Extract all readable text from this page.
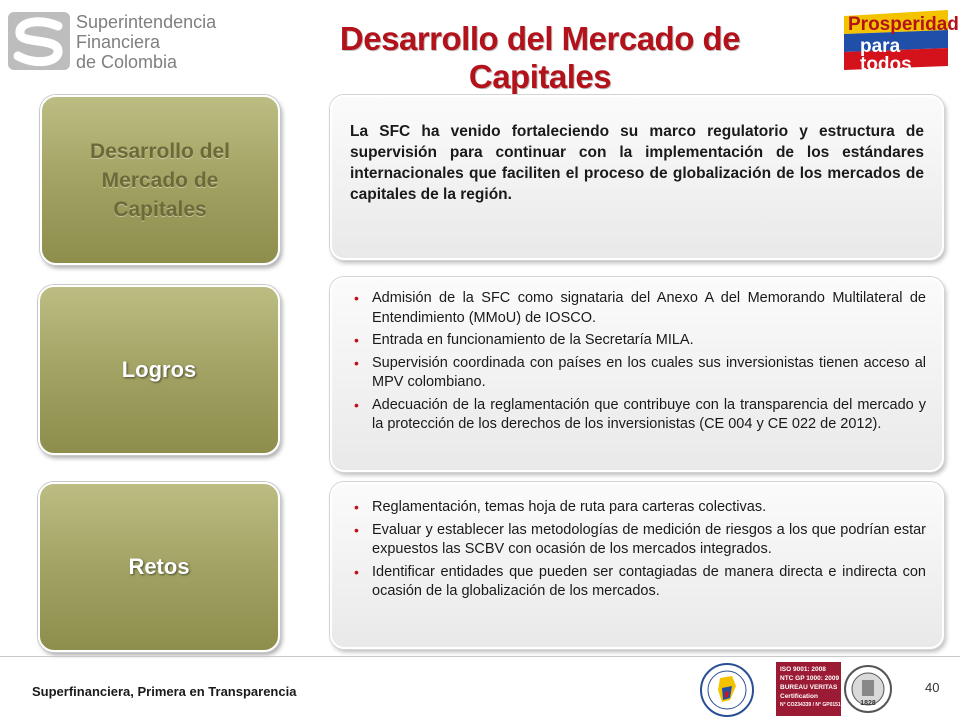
Superintendencia
Financiera
de Colombia
Desarrollo del Mercado de Capitales
Prosperidad
para todos
Desarrollo del Mercado de Capitales

La SFC ha venido fortaleciendo su marco regulatorio y estructura de supervisión para continuar con la implementación de los estándares internacionales que faciliten el proceso de globalización de los mercados de capitales de la región.

Logros
• Admisión de la SFC como signataria del Anexo A del Memorando Multilateral de Entendimiento (MMoU) de IOSCO.
• Entrada en funcionamiento de la Secretaría MILA.
• Supervisión coordinada con países en los cuales sus inversionistas tienen acceso al MPV colombiano.
• Adecuación de la reglamentación que contribuye con la transparencia del mercado y la protección de los derechos de los inversionistas (CE 004 y CE 022 de 2012).
Retos
• Reglamentación, temas hoja de ruta para carteras colectivas.
• Evaluar y establecer las metodologías de medición de riesgos a los que podrían estar expuestos las SCBV con ocasión de los mercados integrados.
• Identificar entidades que pueden ser contagiadas de manera directa e indirecta con ocasión de la globalización de los mercados.
Superfinanciera, Primera en Transparencia
ISO 9001: 2008
NTC GP 1000: 2009
BUREAU VERITAS
Certification
N° CO234339 / N° GP0151	1828
40
